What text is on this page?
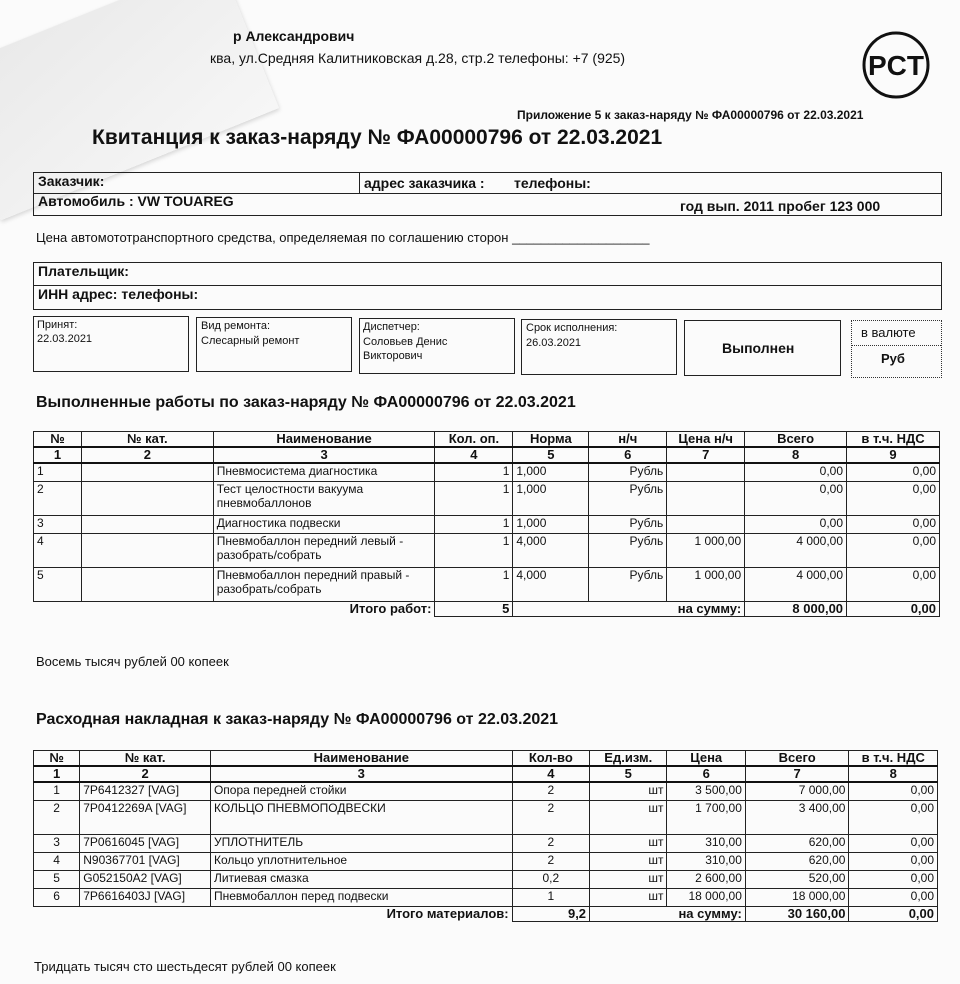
р Александрович
ква, ул.Средняя Калитниковская д.28, стр.2 телефоны: +7 (925)	PCT
Приложение 5 к заказ-наряду № ФА00000796 от 22.03.2021
Квитанция к заказ-наряду № ФА00000796 от 22.03.2021
Заказчик:	адрес заказчика : телефоны:
Автомобиль : VW TOUAREG	год вып. 2011 пробег 123 000
Цена автомототранспортного средства, определяемая по соглашению сторон ___________________
Плательщик:
ИНН адрес: телефоны:
Принят:
22.03.2021
Вид ремонта:
Слесарный ремонт
Диспетчер:
Соловьев Денис
Викторович
Срок исполнения:
26.03.2021	Выполнен
в валюте
Руб
Выполненные работы по заказ-наряду № ФА00000796 от 22.03.2021
№	№ кат.	Наименование	Кол. оп.	Норма	н/ч	Цена н/ч	Всего	в т.ч. НДС
1	2	3	4	5	6	7	8	9
1		Пневмосистема диагностика	1	1,000	Рубль		0,00	0,00
2		Тест целостности вакуума пневмобаллонов	1	1,000	Рубль		0,00	0,00
3		Диагностика подвески	1	1,000	Рубль		0,00	0,00
4		Пневмобаллон передний левый - разобрать/собрать	1	4,000	Рубль	1 000,00	4 000,00	0,00
5		Пневмобаллон передний правый - разобрать/собрать	1	4,000	Рубль	1 000,00	4 000,00	0,00
Итого работ:			5	на сумму:			8 000,00	0,00
Восемь тысяч рублей 00 копеек
Расходная накладная к заказ-наряду № ФА00000796 от 22.03.2021
№	№ кат.	Наименование	Кол-во	Ед.изм.	Цена	Всего	в т.ч. НДС
1	2	3	4	5	6	7	8
1	7P6412327 [VAG]	Опора передней стойки	2	шт	3 500,00	7 000,00	0,00
2	7P0412269A [VAG]	КОЛЬЦО ПНЕВМОПОДВЕСКИ	2	шт	1 700,00	3 400,00	0,00
3	7P0616045 [VAG]	УПЛОТНИТЕЛЬ	2	шт	310,00	620,00	0,00
4	N90367701 [VAG]	Кольцо уплотнительное	2	шт	310,00	620,00	0,00
5	G052150A2 [VAG]	Литиевая смазка	0,2	шт	2 600,00	520,00	0,00
6	7P6616403J [VAG]	Пневмобаллон перед подвески	1	шт	18 000,00	18 000,00	0,00
Итого материалов:			9,2	на сумму:		30 160,00	0,00
Тридцать тысяч сто шестьдесят рублей 00 копеек
